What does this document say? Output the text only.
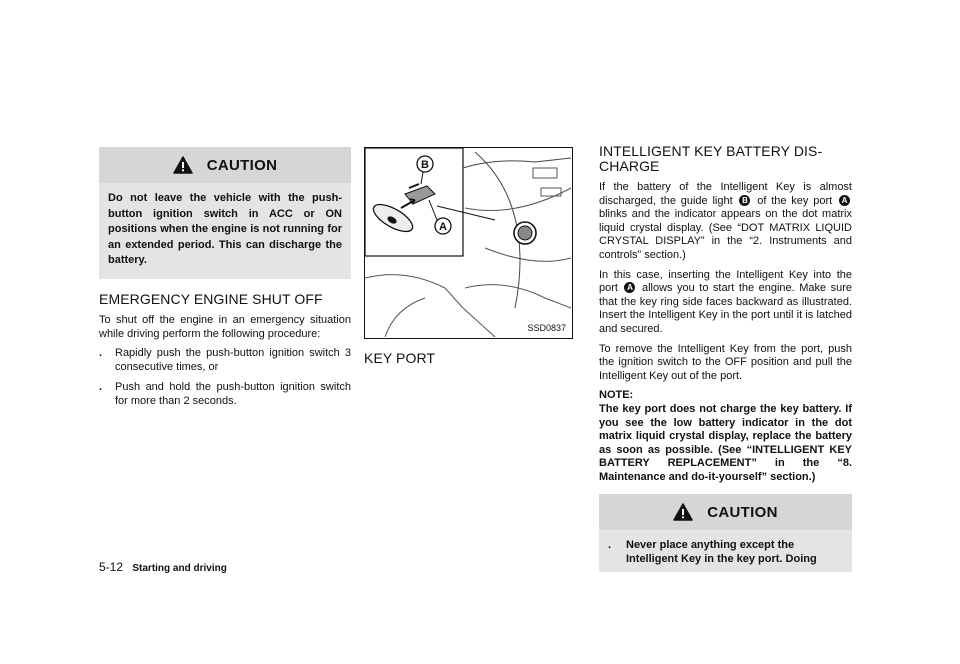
CAUTION
Do not leave the vehicle with the push-button ignition switch in ACC or ON positions when the engine is not running for an extended period. This can discharge the battery.
EMERGENCY ENGINE SHUT OFF

To shut off the engine in an emergency situation while driving perform the following procedure:

.	Rapidly push the push-button ignition switch 3 consecutive times, or
.	Push and hold the push-button ignition switch for more than 2 seconds.
B
A
SSD0837
KEY PORT
INTELLIGENT KEY BATTERY DIS-CHARGE

If the battery of the Intelligent Key is almost discharged, the guide light B of the key port A blinks and the indicator appears on the dot matrix liquid crystal display. (See “DOT MATRIX LIQUID CRYSTAL DISPLAY” in the “2. Instruments and controls” section.)

In this case, inserting the Intelligent Key into the port A allows you to start the engine. Make sure that the key ring side faces backward as illustrated. Insert the Intelligent Key in the port until it is latched and secured.

To remove the Intelligent Key from the port, push the ignition switch to the OFF position and pull the Intelligent Key out of the port.

NOTE:

The key port does not charge the key battery. If you see the low battery indicator in the dot matrix liquid crystal display, replace the battery as soon as possible. (See “INTELLIGENT KEY BATTERY REPLACEMENT” in the “8. Maintenance and do-it-yourself” section.)

CAUTION
.	Never place anything except the Intelligent Key in the key port. Doing
5-12 Starting and driving
